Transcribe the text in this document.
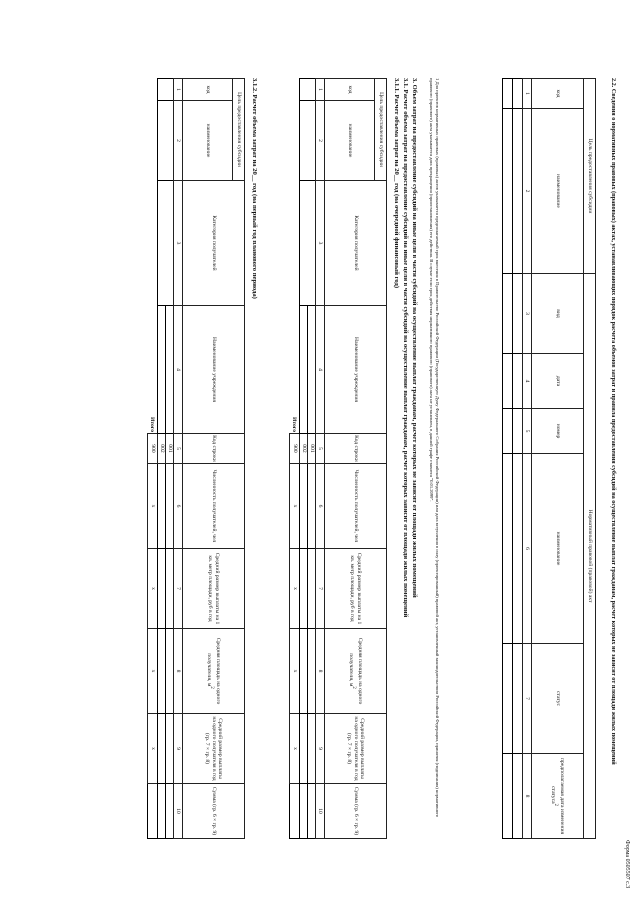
Форма 0505507 с.3
2.2. Сведения о нормативных правовых (правовых) актах, устанавливающих порядок расчета объемов затрат и правила предоставления субсидий на осуществление выплат гражданам, расчет которых не зависит от площади жилых помещений
Цель предоставления субсидии		Нормативный правовой (правовой) акт					
код	наименование	вид	дата	номер	наименование	статус	предполагаемая дата изменения статуса$^2$
1	2	3	4	5	6	7	8

1 Для проектов нормативных правовых (правовых) актов указывается предполагаемый срок внесения в Правительство Российской Федерации (Государственную Думу Федерального Собрания Российской Федерации) или дата вступления в силу (проектированный) правовой акт, установленный законодательством Российской Федерации, принятия (подписания) нормативного правового (правового) акта указывается дата прекращения (приостановления) его действия. В случае если срок действия нормативного правового (правового) акта не установлен, в данной графе ставится "0.01.2099".
3. Объем затрат на предоставление субсидий на иные цели в части субсидий на осуществление выплат гражданам, расчет которых не зависит от площади жилых помещений
3.1. Расчет объема затрат на предоставление субсидий на иные цели в части субсидий на осуществление выплат гражданам, расчет которых зависит от площади жилых помещений
3.1.1. Расчет объема затрат на 20__ год (на очередной финансовый год)
Цель предоставления субсидии		Категория получателей	Наименование учреждения	Код строки	Численность получателей, чел	Средний размер выплаты на 1 кв. метр площади, руб в год	Средняя площадь на одного получателя, $м^2$	Средний размер выплаты на одного получателя в год (гр. 7 × гр. 8)	Сумма (гр. 6 × гр. 9)
код	наименование								
1	2	3	4	5	6	7	8	9	10
				001					
				002					
Итого				900	x	x	x	x	
3.1.2. Расчет объема затрат на 20__ год (на первый год планового периода)
Цель предоставления субсидии		Категория получателей	Наименование учреждения	Код строки	Численность получателей, чел	Средний размер выплаты на 1 кв. метр площади, руб в год	Средняя площадь на одного получателя, $м^2$	Средний размер выплаты на одного получателя в год (гр. 7 × гр. 8)	Сумма (гр. 6 × гр. 9)
код	наименование								
1	2	3	4	5	6	7	8	9	10
				001					
				002					
Итого				900	x	x	x	x	
